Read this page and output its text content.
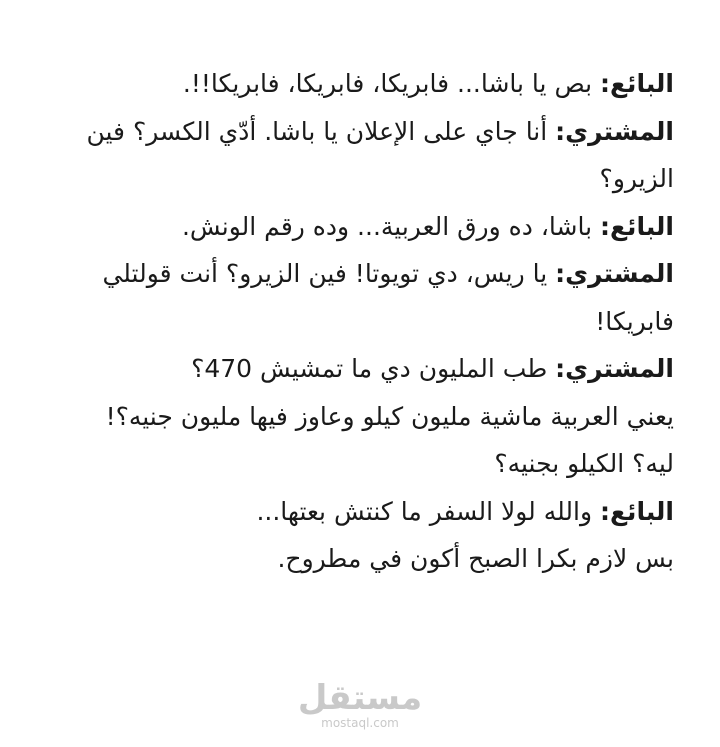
البائع: بص يا باشا... فابريكا، فابريكا، فابريكا!!.

المشتري: أنا جاي على الإعلان يا باشا. أدّي الكسر؟ فين الزيرو؟

البائع: باشا، ده ورق العربية... وده رقم الونش.

المشتري: يا ريس، دي تويوتا! فين الزيرو؟ أنت قولتلي فابريكا!

المشتري: طب المليون دي ما تمشيش 470؟

يعني العربية ماشية مليون كيلو وعاوز فيها مليون جنيه؟!

ليه؟ الكيلو بجنيه؟

البائع: والله لولا السفر ما كنتش بعتها...

بس لازم بكرا الصبح أكون في مطروح.

مستقل
mostaql.com
